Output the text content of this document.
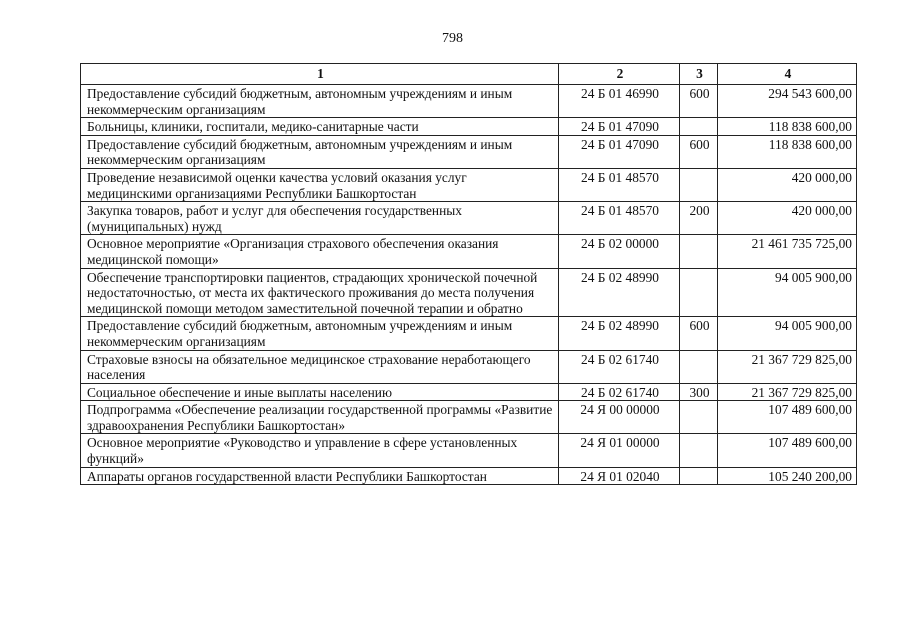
798
1	2	3	4
Предоставление субсидий бюджетным, автономным учреждениям и иным некоммерческим организациям	24 Б 01 46990	600	294 543 600,00
Больницы, клиники, госпитали, медико-санитарные части	24 Б 01 47090		118 838 600,00
Предоставление субсидий бюджетным, автономным учреждениям и иным некоммерческим организациям	24 Б 01 47090	600	118 838 600,00
Проведение независимой оценки качества условий оказания услуг медицинскими организациями Республики Башкортостан	24 Б 01 48570		420 000,00
Закупка товаров, работ и услуг для обеспечения государственных (муниципальных) нужд	24 Б 01 48570	200	420 000,00
Основное мероприятие «Организация страхового обеспечения оказания медицинской помощи»	24 Б 02 00000		21 461 735 725,00
Обеспечение транспортировки пациентов, страдающих хронической почечной недостаточностью, от места их фактического проживания до места получения медицинской помощи методом заместительной почечной терапии и обратно	24 Б 02 48990		94 005 900,00
Предоставление субсидий бюджетным, автономным учреждениям и иным некоммерческим организациям	24 Б 02 48990	600	94 005 900,00
Страховые взносы на обязательное медицинское страхование неработающего населения	24 Б 02 61740		21 367 729 825,00
Социальное обеспечение и иные выплаты населению	24 Б 02 61740	300	21 367 729 825,00
Подпрограмма «Обеспечение реализации государственной программы «Развитие здравоохранения Республики Башкортостан»	24 Я 00 00000		107 489 600,00
Основное мероприятие «Руководство и управление в сфере установленных функций»	24 Я 01 00000		107 489 600,00
Аппараты органов государственной власти Республики Башкортостан	24 Я 01 02040		105 240 200,00
